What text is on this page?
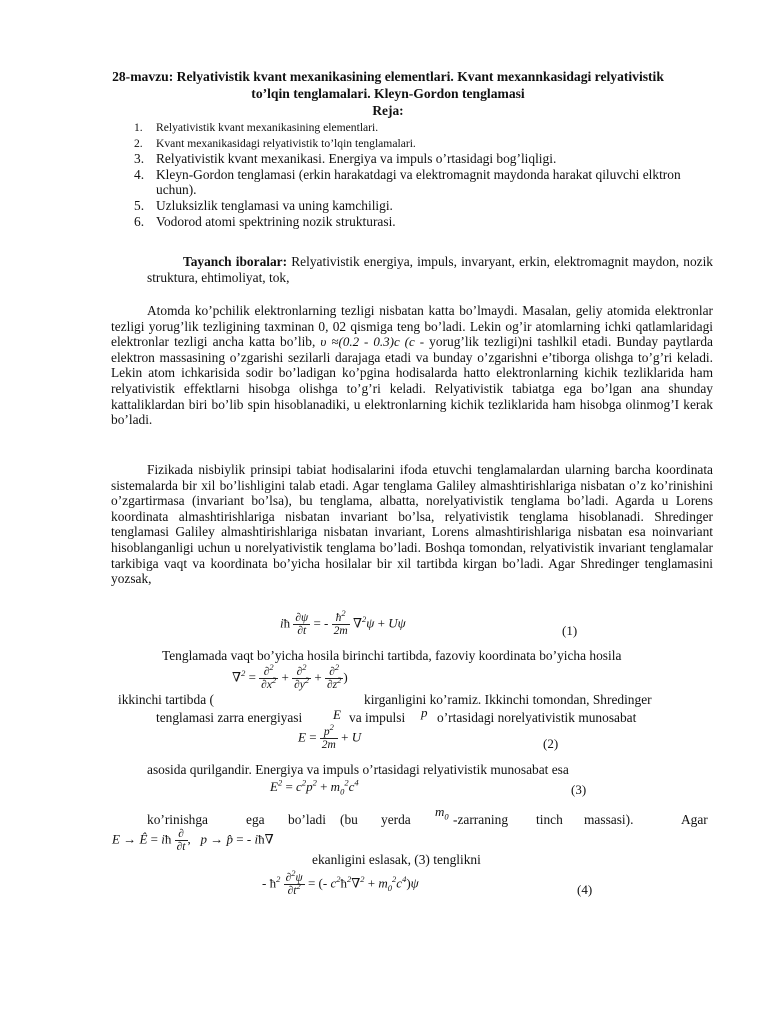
28-mavzu: Relyativistik kvant mexanikasining elementlari. Kvant mexannkasidagi relyativistik to’lqin tenglamalari. Kleyn-Gordon tenglamasi
Reja:
1. Relyativistik kvant mexanikasining elementlari.
2. Kvant mexanikasidagi relyativistik to’lqin tenglamalari.
3. Relyativistik kvant mexanikasi. Energiya va impuls o’rtasidagi bog’liqligi.
4. Kleyn-Gordon tenglamasi (erkin harakatdagi va elektromagnit maydonda harakat qiluvchi elktron uchun).
5. Uzluksizlik tenglamasi va uning kamchiligi.
6. Vodorod atomi spektrining nozik strukturasi.
Tayanch iboralar: Relyativistik energiya, impuls, invaryant, erkin, elektromagnit maydon, nozik struktura, ehtimoliyat, tok,
Atomda ko’pchilik elektronlarning tezligi nisbatan katta bo’lmaydi. Masalan, geliy atomida elektronlar tezligi yorug’lik tezligining taxminan 0, 02 qismiga teng bo’ladi. Lekin og’ir atomlarning ichki qatlamlaridagi elektronlar tezligi ancha katta bo’lib, υ ≈(0.2 - 0.3)c (c - yorug’lik tezligi)ni tashlkil etadi. Bunday paytlarda elektron massasining o’zgarishi sezilarli darajaga etadi va bunday o’zgarishni e’tiborga olishga to’g’ri keladi. Lekin atom ichkarisida sodir bo’ladigan ko’pgina hodisalarda hatto elektronlarning kichik tezliklarida ham relyativistik effektlarni hisobga olishga to’g’ri keladi. Relyativistik tabiatga ega bo’lgan ana shunday kattaliklardan biri bo’lib spin hisoblanadiki, u elektronlarning kichik tezliklarida ham hisobga olinmog’I kerak bo’ladi.
Fizikada nisbiylik prinsipi tabiat hodisalarini ifoda etuvchi tenglamalardan ularning barcha koordinata sistemalarda bir xil bo’lishligini talab etadi. Agar tenglama Galiley almashtirishlariga nisbatan o’z ko’rinishini o’zgartirmasa (invariant bo’lsa), bu tenglama, albatta, norelyativistik tenglama bo’ladi. Agarda u Lorens koordinata almashtirishlariga nisbatan invariant bo’lsa, relyativistik tenglama hisoblanadi. Shredinger tenglamasi Galiley almashtirishlariga nisbatan invariant, Lorens almashtirishlariga nisbatan esa noinvariant hisoblanganligi uchun u norelyativistik tenglama bo’ladi. Boshqa tomondan, relyativistik invariant tenglamalar tarkibiga vaqt va koordinata bo’yicha hosilalar bir xil tartibda kirgan bo’ladi. Agar Shredinger tenglamasini yozsak,
iħ $\frac{\partial\psi}{\partial t}$ = - $\frac{ħ^2}{2m} \nabla^2\psi + U\psi$
(1)
Tenglamada vaqt bo’yicha hosila birinchi tartibda, fazoviy koordinata bo’yicha hosila
$\nabla^2 = \frac{\partial^2}{\partial x^2} + \frac{\partial^2}{\partial y^2} + \frac{\partial^2}{\partial z^2}$ )
ikkinchi tartibda (	kirganligini ko’ramiz. Ikkinchi tomondan, Shredinger
tenglamasi zarra energiyasi E va impulsi p o’rtasidagi norelyativistik munosabat
$E = \frac{p^2}{2m} + U$	(2)
asosida qurilgandir. Energiya va impuls o’rtasidagi relyativistik munosabat esa
$E^2 = c^2p^2 + m_0^2c^4$	(3)
ko’rinishga	ega bo’ladi (bu yerda
$m_0$ -zarraning tinch massasi).	Agar
E → Ê = iħ $\frac{\partial}{\partial t}$ ,   p → p̂ = - iħ∇
ekanligini eslasak, (3) tenglikni
- $ħ^2 \frac{\partial^2\psi}{\partial t^2}$ = (- $c^2ħ^2\nabla^2 + m_0^2c^4)\psi$	(4)
